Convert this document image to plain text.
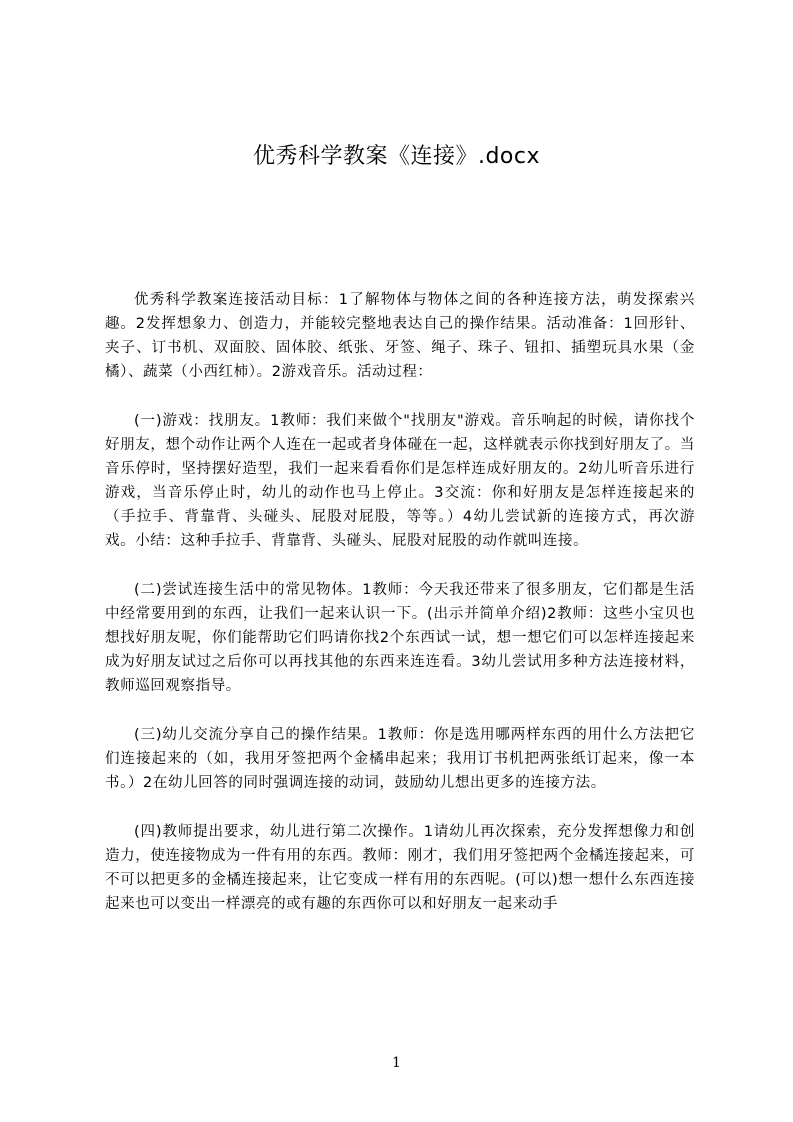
优秀科学教案《连接》.docx

优秀科学教案连接活动目标：1了解物体与物体之间的各种连接方法，萌发探索兴趣。2发挥想象力、创造力，并能较完整地表达自己的操作结果。活动准备：1回形针、夹子、订书机、双面胶、固体胶、纸张、牙签、绳子、珠子、钮扣、插塑玩具水果（金橘）、蔬菜（小西红柿）。2游戏音乐。活动过程：

(一)游戏：找朋友。1教师：我们来做个"找朋友"游戏。音乐响起的时候，请你找个好朋友，想个动作让两个人连在一起或者身体碰在一起，这样就表示你找到好朋友了。当音乐停时，坚持摆好造型，我们一起来看看你们是怎样连成好朋友的。2幼儿听音乐进行游戏，当音乐停止时，幼儿的动作也马上停止。3交流：你和好朋友是怎样连接起来的（手拉手、背靠背、头碰头、屁股对屁股，等等。）4幼儿尝试新的连接方式，再次游戏。小结：这种手拉手、背靠背、头碰头、屁股对屁股的动作就叫连接。

(二)尝试连接生活中的常见物体。1教师：今天我还带来了很多朋友，它们都是生活中经常要用到的东西，让我们一起来认识一下。(出示并简单介绍)2教师：这些小宝贝也想找好朋友呢，你们能帮助它们吗请你找2个东西试一试，想一想它们可以怎样连接起来成为好朋友试过之后你可以再找其他的东西来连连看。3幼儿尝试用多种方法连接材料，教师巡回观察指导。

(三)幼儿交流分享自己的操作结果。1教师：你是选用哪两样东西的用什么方法把它们连接起来的（如，我用牙签把两个金橘串起来；我用订书机把两张纸订起来，像一本书。）2在幼儿回答的同时强调连接的动词，鼓励幼儿想出更多的连接方法。

(四)教师提出要求，幼儿进行第二次操作。1请幼儿再次探索，充分发挥想像力和创造力，使连接物成为一件有用的东西。教师：刚才，我们用牙签把两个金橘连接起来，可不可以把更多的金橘连接起来，让它变成一样有用的东西呢。(可以)想一想什么东西连接起来也可以变出一样漂亮的或有趣的东西你可以和好朋友一起来动手

1
